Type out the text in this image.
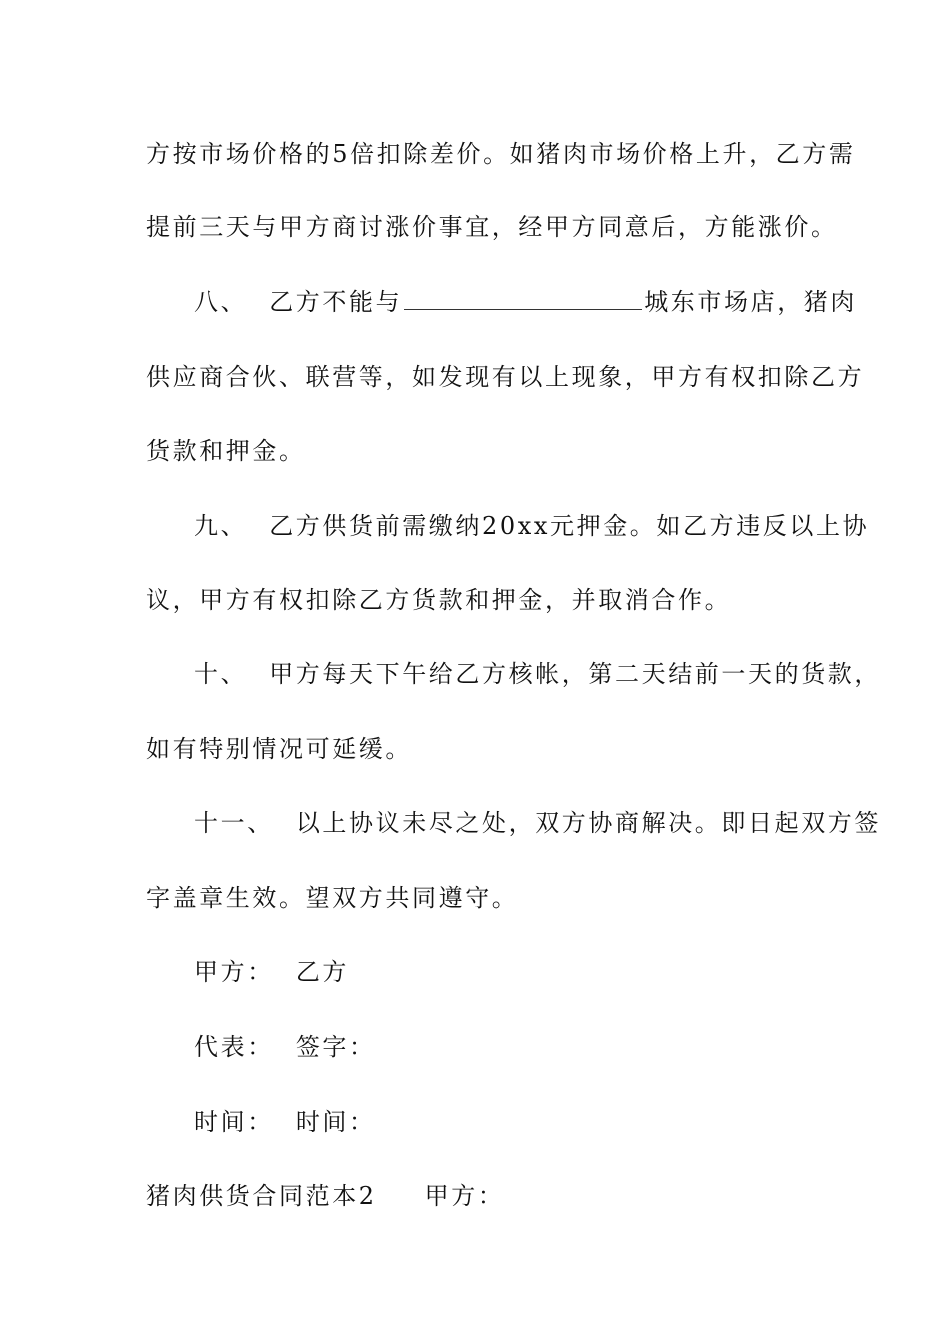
方按市场价格的5倍扣除差价。如猪肉市场价格上升，乙方需
提前三天与甲方商讨涨价事宜，经甲方同意后，方能涨价。
八、 乙方不能与	城东市场店，猪肉
供应商合伙、联营等，如发现有以上现象，甲方有权扣除乙方
货款和押金。
九、 乙方供货前需缴纳20xx元押金。如乙方违反以上协
议，甲方有权扣除乙方货款和押金，并取消合作。
十、 甲方每天下午给乙方核帐，第二天结前一天的货款，
如有特别情况可延缓。
十一、 以上协议未尽之处，双方协商解决。即日起双方签
字盖章生效。望双方共同遵守。
甲方： 乙方
代表： 签字：
时间： 时间：
猪肉供货合同范本2 甲方：
